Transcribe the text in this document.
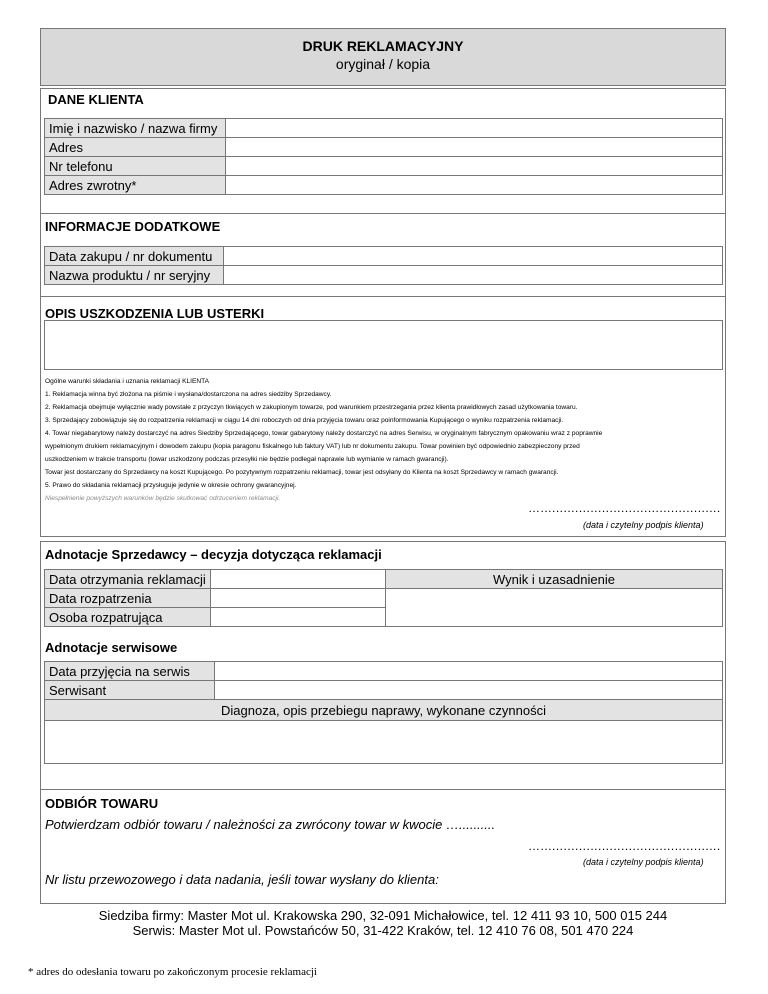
DRUK REKLAMACYJNY
oryginał / kopia
DANE KLIENTA
Imię i nazwisko / nazwa firmy	
Adres	
Nr telefonu	
Adres zwrotny*	
INFORMACJE DODATKOWE
Data zakupu / nr dokumentu	
Nazwa produktu / nr seryjny	
OPIS USZKODZENIA LUB USTERKI
Ogólne warunki składania i uznania reklamacji KLIENTA
1. Reklamacja winna być złożona na piśmie i wysłana/dostarczona na adres siedziby Sprzedawcy.
2. Reklamacja obejmuje wyłącznie wady powstałe z przyczyn tkwiących w zakupionym towarze, pod warunkiem przestrzegania przez klienta prawidłowych zasad użytkowania towaru.
3. Sprzedający zobowiązuje się do rozpatrzenia reklamacji w ciągu 14 dni roboczych od dnia przyjęcia towaru oraz poinformowania Kupującego o wyniku rozpatrzenia reklamacji.
4. Towar niegabarytowy należy dostarczyć na adres Siedziby Sprzedającego, towar gabarytowy należy dostarczyć na adres Serwisu, w oryginalnym fabrycznym opakowaniu wraz z poprawnie
wypełnionym drukiem reklamacyjnym i dowodem zakupu (kopia paragonu fiskalnego lub faktury VAT) lub nr dokumentu zakupu. Towar powinien być odpowiednio zabezpieczony przed
uszkodzeniem w trakcie transportu (towar uszkodzony podczas przesyłki nie będzie podlegał naprawie lub wymianie w ramach gwarancji).
Towar jest dostarczany do Sprzedawcy na koszt Kupującego. Po pozytywnym rozpatrzeniu reklamacji, towar jest odsyłany do Klienta na koszt Sprzedawcy w ramach gwarancji.
5. Prawo do składania reklamacji przysługuje jedynie w okresie ochrony gwarancyjnej.
Niespełnienie powyższych warunków będzie skutkować odrzuceniem reklamacji.
…...............................................
(data i czytelny podpis klienta)
Adnotacje Sprzedawcy – decyzja dotycząca reklamacji
Data otrzymania reklamacji		Wynik i uzasadnienie
Data rozpatrzenia		
Osoba rozpatrująca		
Adnotacje serwisowe
Data przyjęcia na serwis	
Serwisant	
Diagnoza, opis przebiegu naprawy, wykonane czynności	

ODBIÓR TOWARU
Potwierdzam odbiór towaru / należności za zwrócony towar w kwocie …..........
…...............................................
(data i czytelny podpis klienta)
Nr listu przewozowego i data nadania, jeśli towar wysłany do klienta:
Siedziba firmy: Master Mot ul. Krakowska 290, 32-091 Michałowice, tel. 12 411 93 10, 500 015 244
Serwis: Master Mot ul. Powstańców 50, 31-422 Kraków, tel. 12 410 76 08, 501 470 224
* adres do odesłania towaru po zakończonym procesie reklamacji
